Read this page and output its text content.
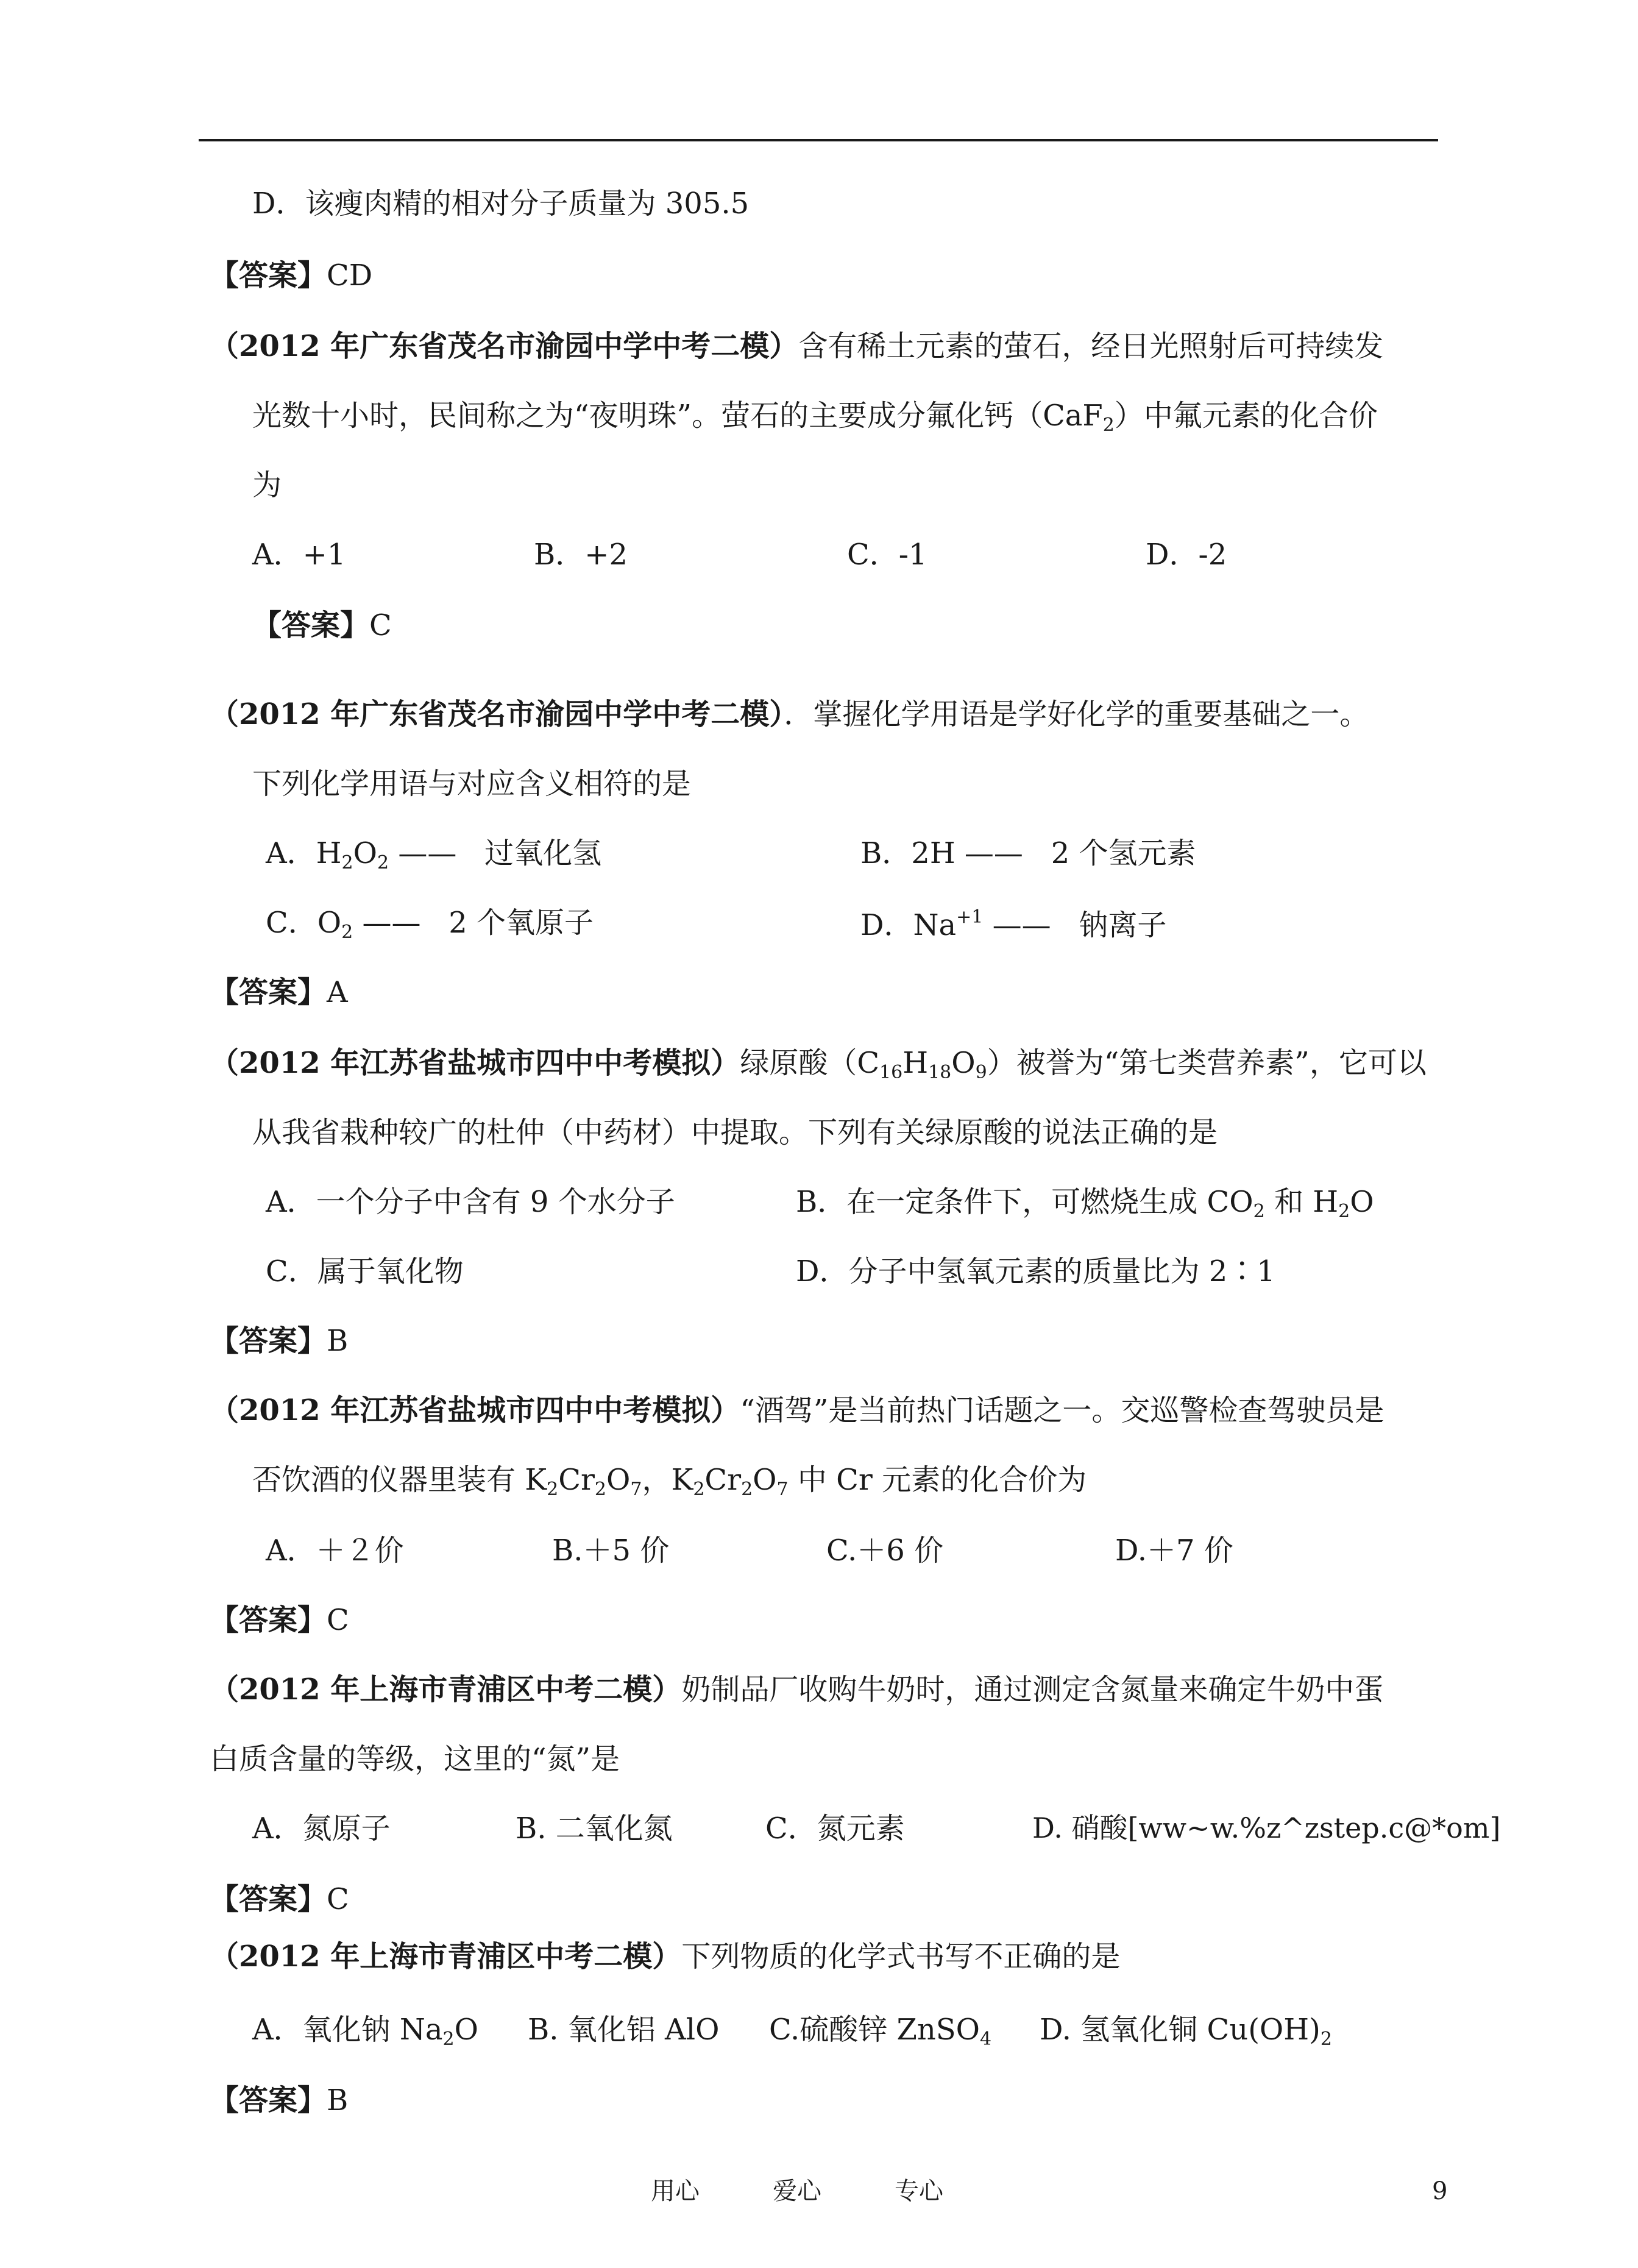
D．该瘦肉精的相对分子质量为 305.5
【答案】CD
（2012 年广东省茂名市渝园中学中考二模）含有稀土元素的萤石，经日光照射后可持续发
光数十小时，民间称之为“夜明珠”。萤石的主要成分氟化钙（CaF$_2$）中氟元素的化合价
为
A．+1	B．+2	C．-1	D．-2
【答案】C
（2012 年广东省茂名市渝园中学中考二模）．掌握化学用语是学好化学的重要基础之一。
下列化学用语与对应含义相符的是
A．$H_2O_2$ ——   过氧化氢	B．2H ——   2 个氢元素
C．$O_2$ ——   2 个氧原子	D．$Na^{+1}$ ——   钠离子
【答案】A
（2012 年江苏省盐城市四中中考模拟）绿原酸$(C_{16}H_{18}O_9)$被誉为“第七类营养素”，它可以
从我省栽种较广的杜仲（中药材）中提取。下列有关绿原酸的说法正确的是
A．一个分子中含有 9 个水分子	B．在一定条件下，可燃烧生成 $CO_2$ 和 $H_2O$
C．属于氧化物	D．分子中氢氧元素的质量比为 2∶1
【答案】B
（2012 年江苏省盐城市四中中考模拟）“酒驾”是当前热门话题之一。交巡警检查驾驶员是
否饮酒的仪器里装有 $K_2Cr_2O_7$，$K_2Cr_2O_7$ 中 Cr 元素的化合价为
A．＋２价	B.＋5 价	C.＋6 价	D.＋7 价
【答案】C
（2012 年上海市青浦区中考二模）奶制品厂收购牛奶时，通过测定含氮量来确定牛奶中蛋
白质含量的等级，这里的“氮”是
A．氮原子	B. 二氧化氮	C．氮元素	D. 硝酸[ww~w.%z^zstep.c@*om]
【答案】C
（2012 年上海市青浦区中考二模）下列物质的化学式书写不正确的是
A．氧化钠 $Na_2O$ B. 氧化铝 AlO C.硫酸锌 ZnSO$_4$ D. 氢氧化铜 $Cu(OH)_2$
【答案】B
用心	爱心	专心	9
